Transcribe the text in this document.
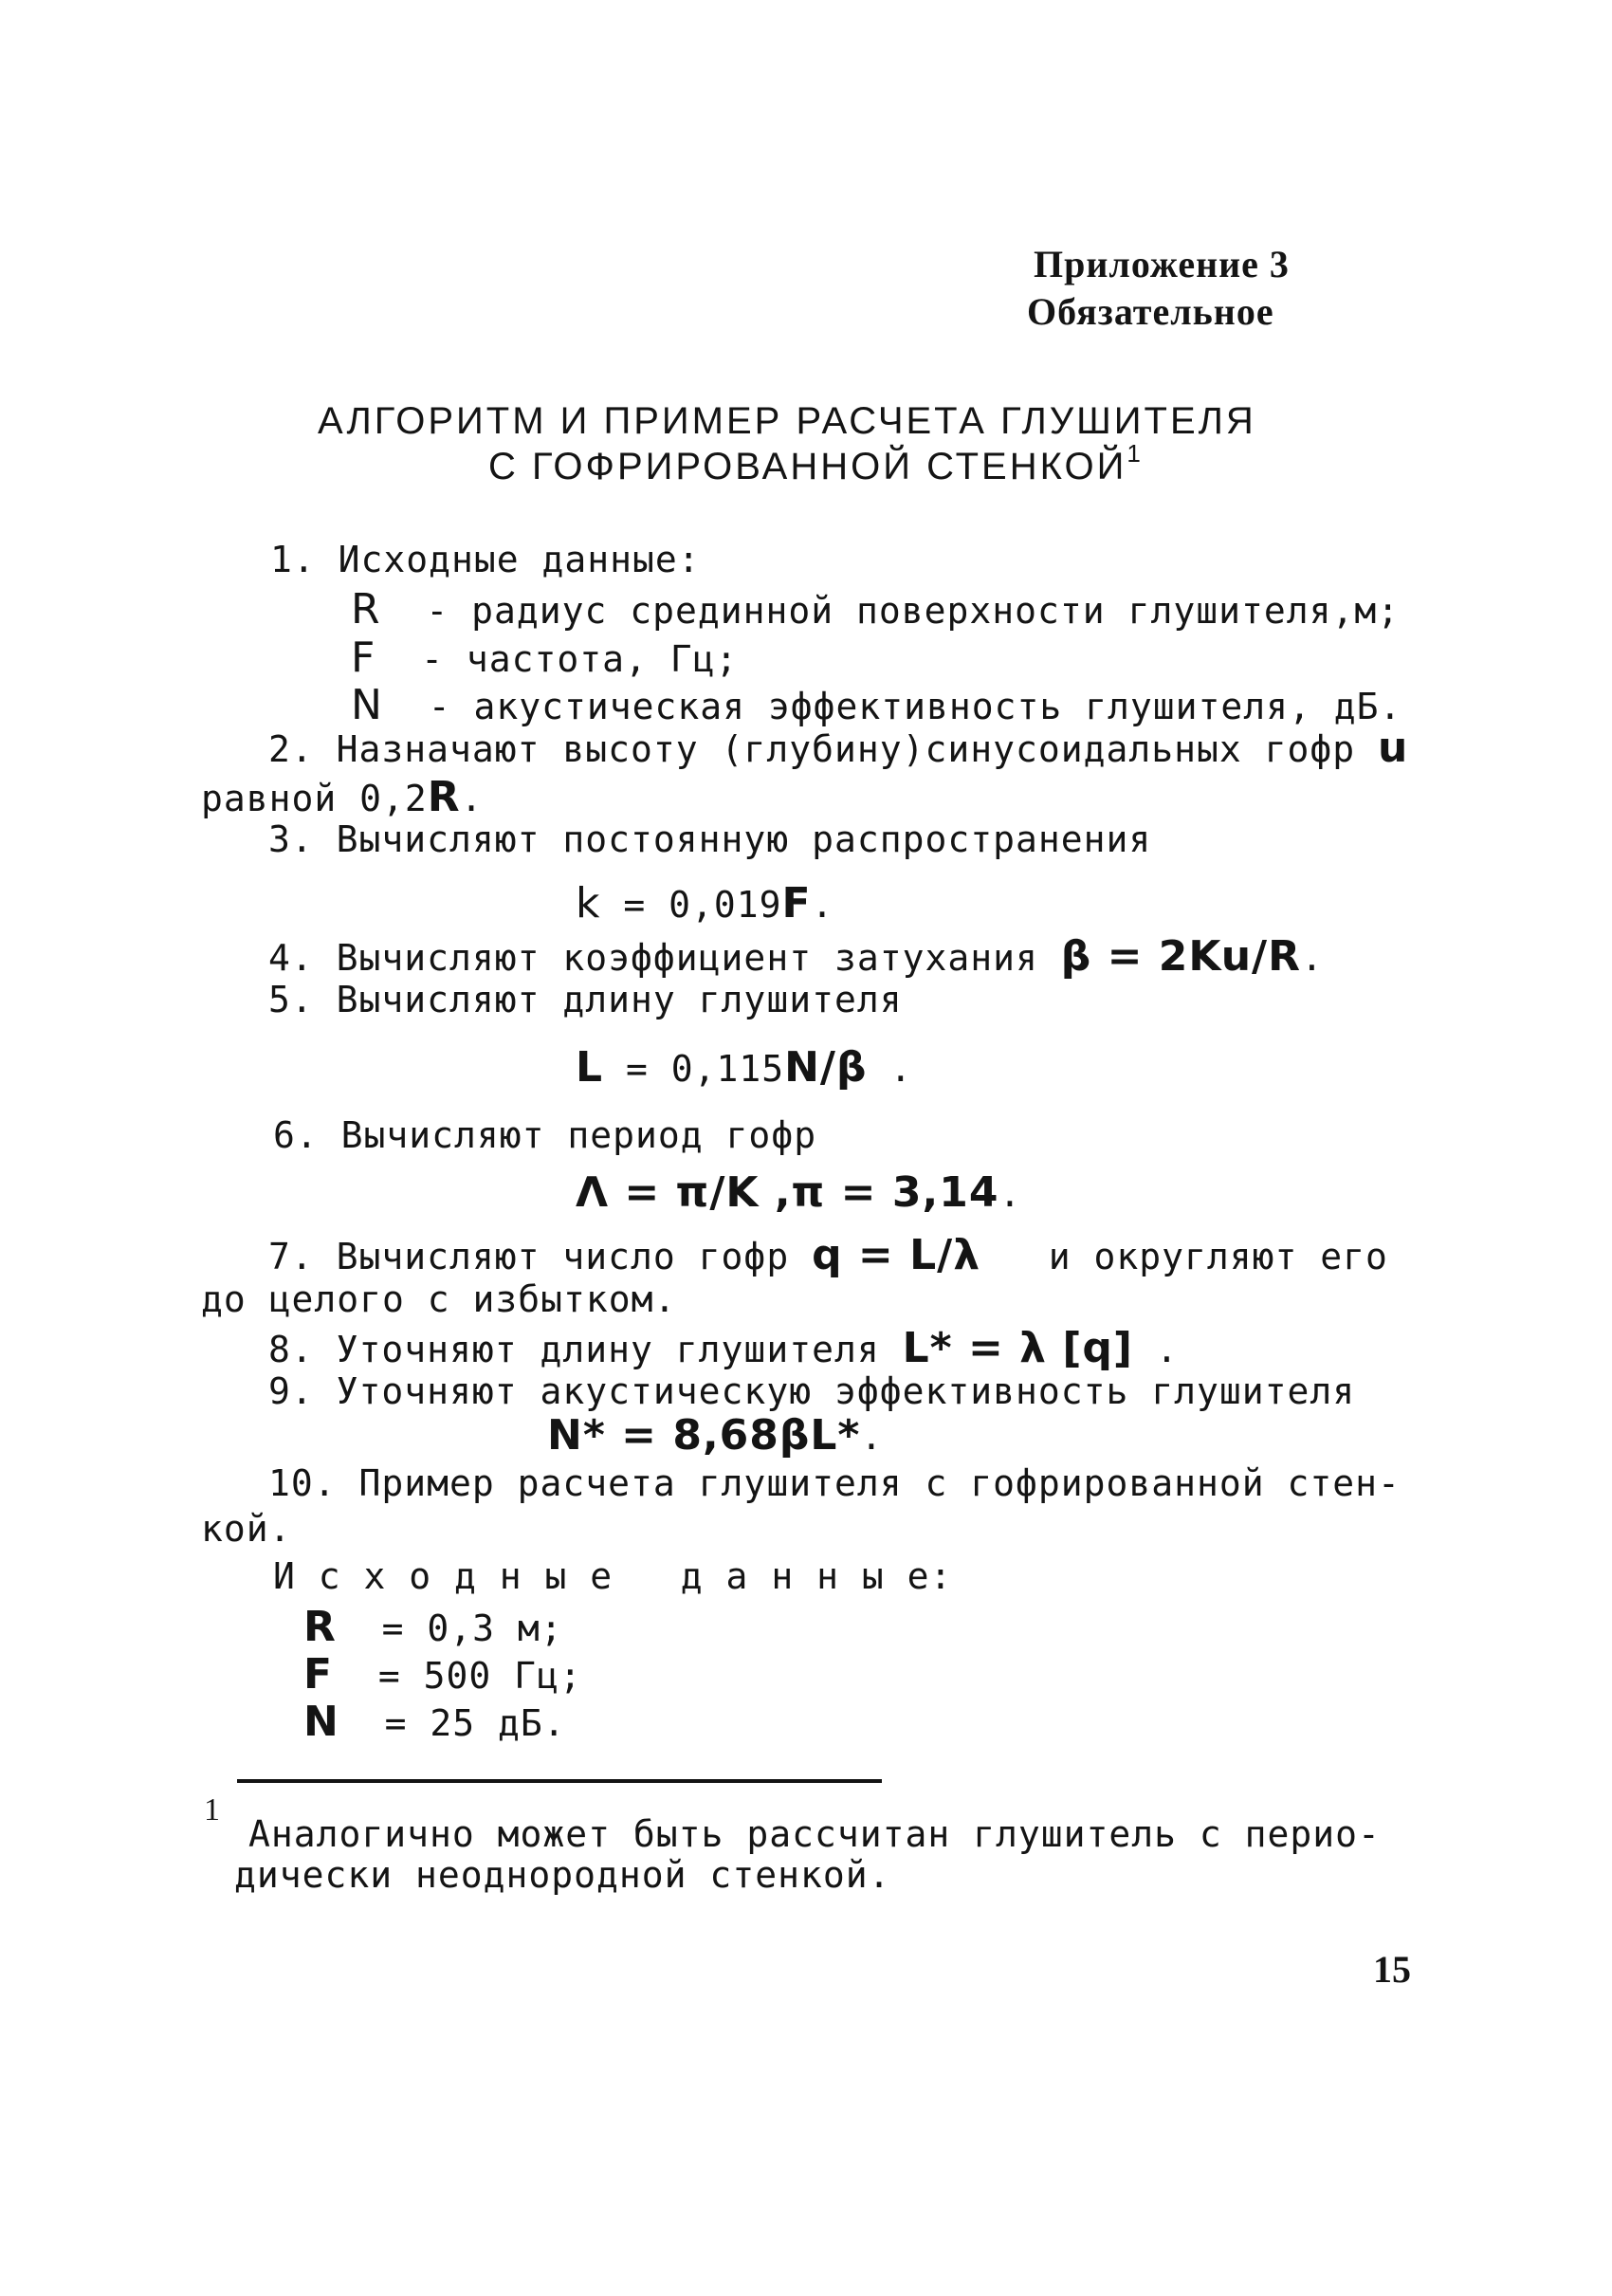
Приложение 3
Обязательное
АЛГОРИТМ И ПРИМЕР РАСЧЕТА ГЛУШИТЕЛЯ
С ГОФРИРОВАННОЙ СТЕНКОЙ$^1$
1. Исходные данные:
R - радиус срединной поверхности глушителя,м;
F - частота, Гц;
N - акустическая эффективность глушителя, дБ.
2. Назначают высоту (глубину)синусоидальных гофр u
равной 0,2R.
3. Вычисляют постоянную распространения
k = 0,019F.
4. Вычисляют коэффициент затухания β = 2Ku/R.
5. Вычисляют длину глушителя
L = 0,115N/β .
6. Вычисляют период гофр
Λ = π/K ,π = 3,14.
7. Вычисляют число гофр q = L/λ и округляют его
до целого с избытком.
8. Уточняют длину глушителя L* = λ [q] .
9. Уточняют акустическую эффективность глушителя
N* = 8,68βL*.
10. Пример расчета глушителя с гофрированной стен-
кой.
И с х о д н ы е   д а н н ы е:
R = 0,3 м;
F = 500 Гц;
N = 25 дБ.
1
Аналогично может быть рассчитан глушитель с перио-
дически неоднородной стенкой.
15
